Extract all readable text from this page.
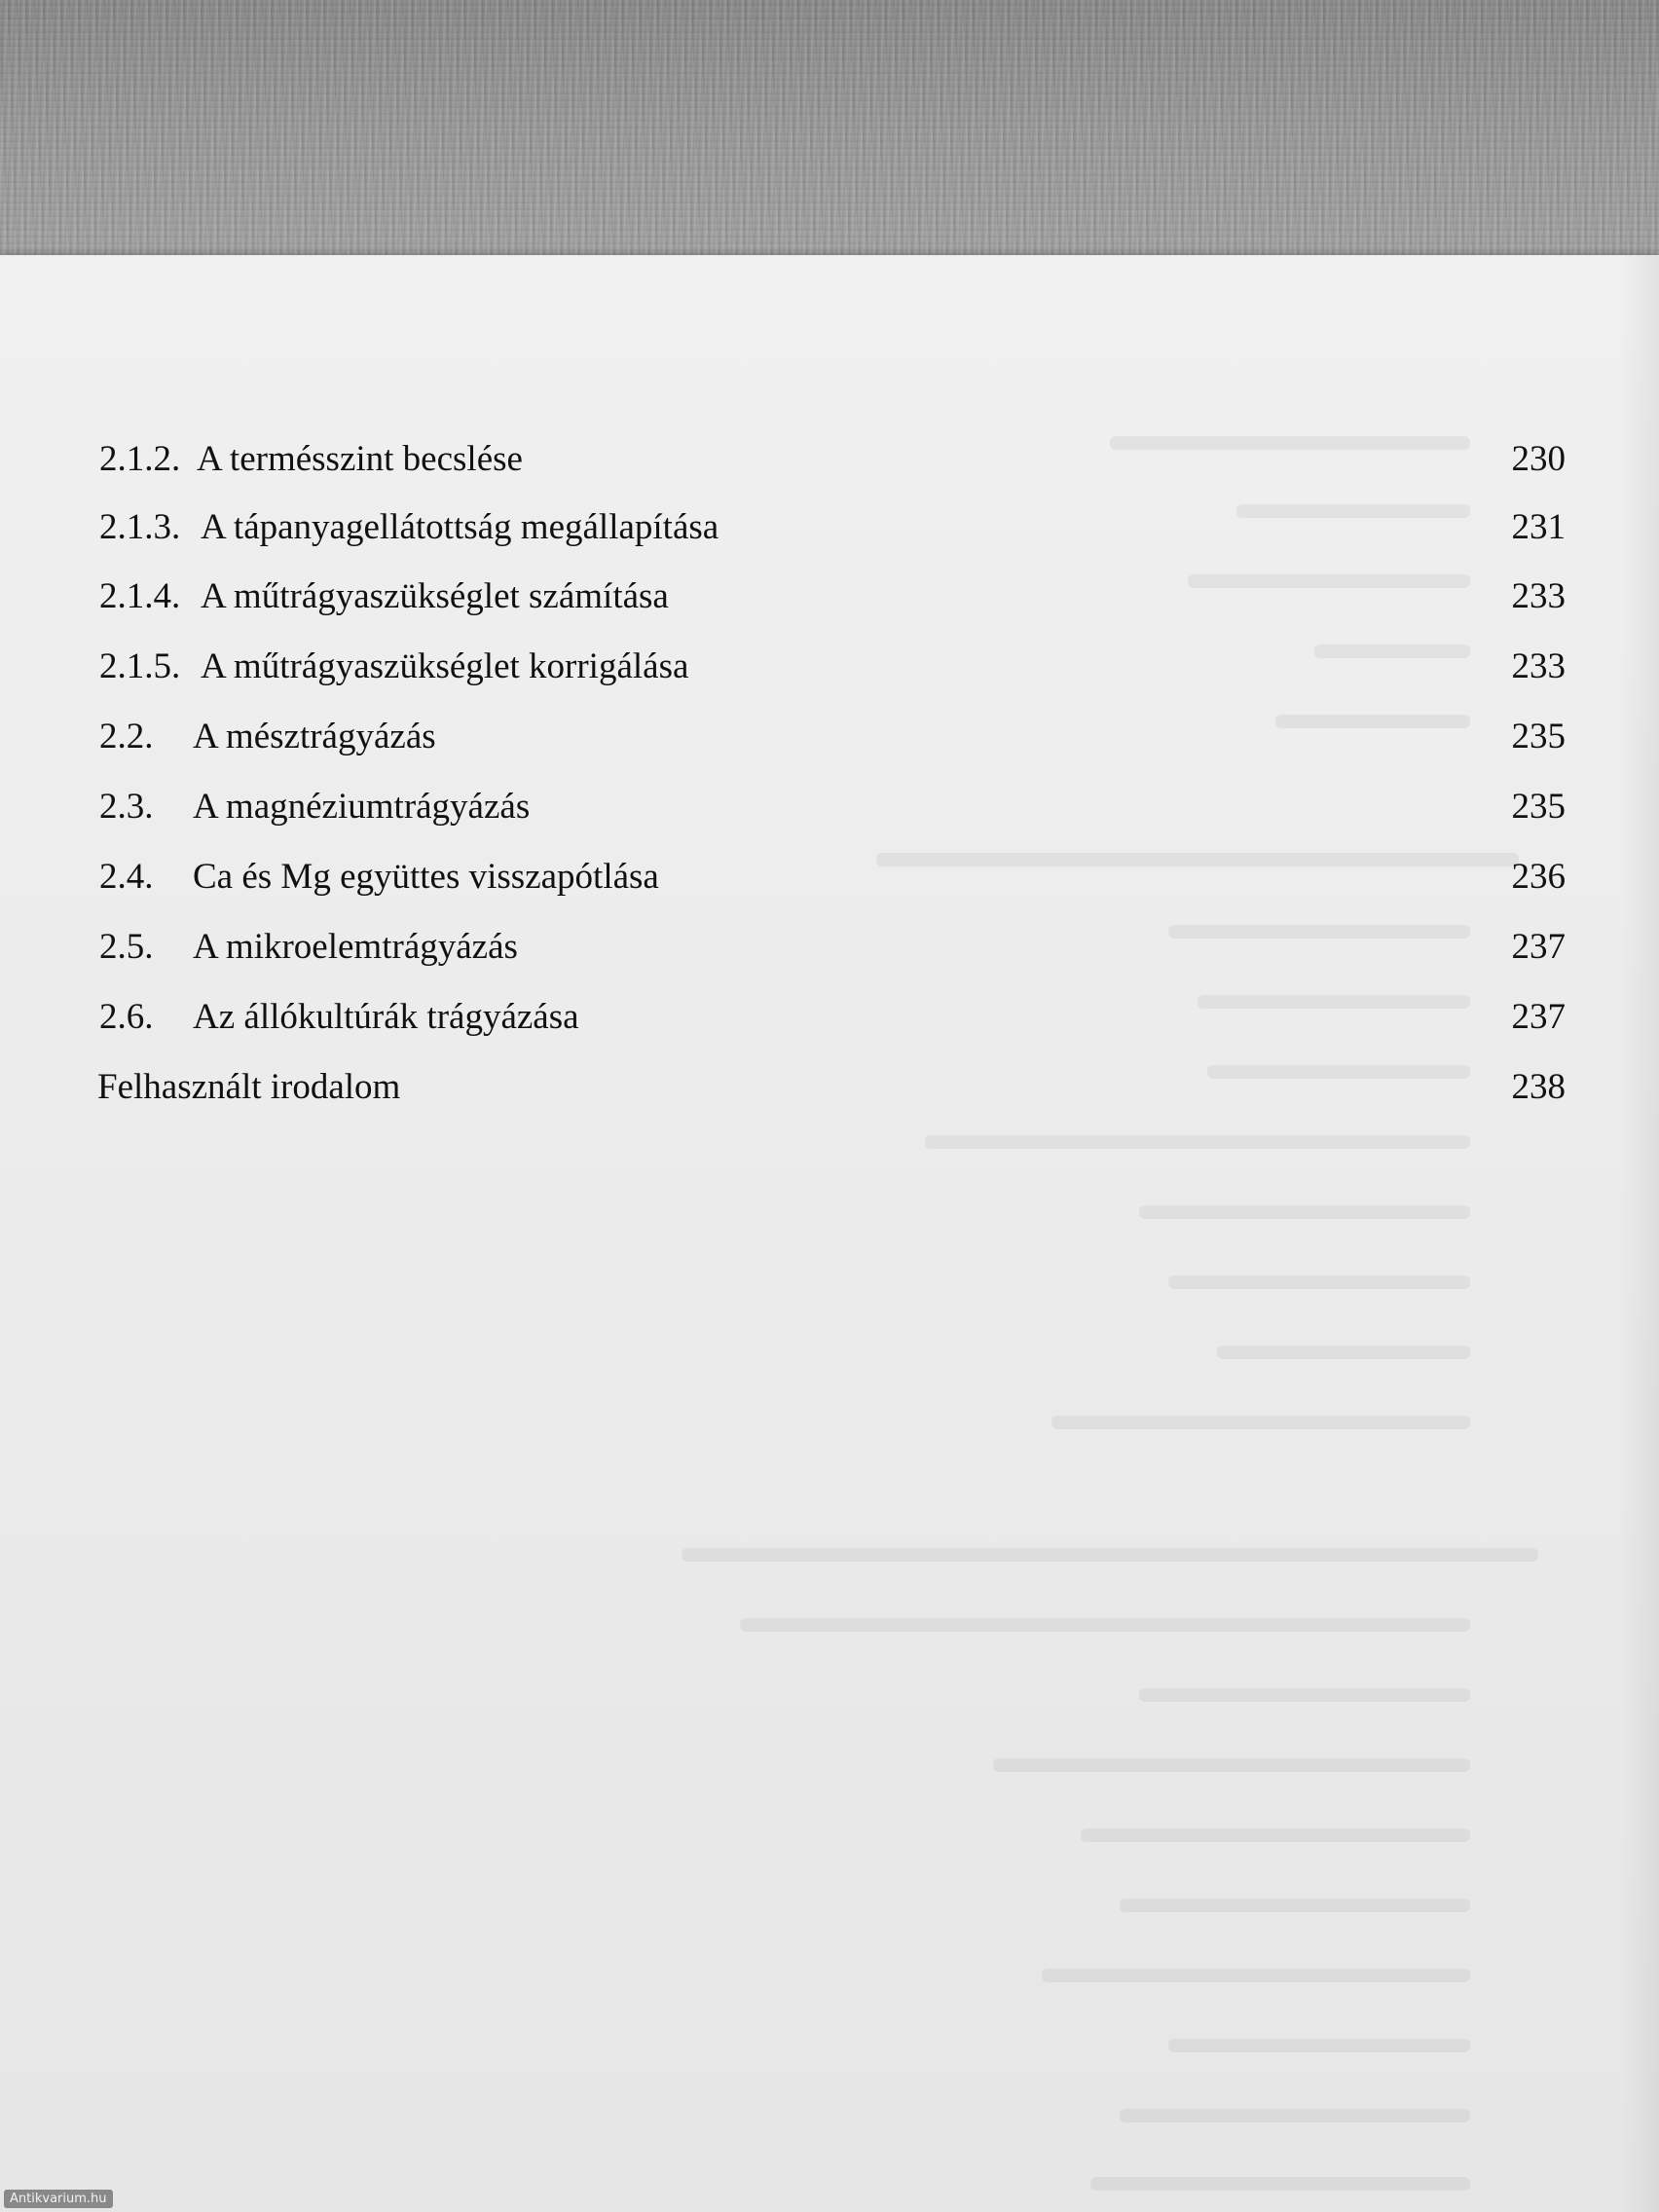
2.1.2. A termésszint becslése	230
2.1.3. A tápanyagellátottság megállapítása	231
2.1.4. A műtrágyaszükséglet számítása	233
2.1.5. A műtrágyaszükséglet korrigálása	233
2.2. A mésztrágyázás	235
2.3. A magnéziumtrágyázás	235
2.4. Ca és Mg együttes visszapótlása	236
2.5. A mikroelemtrágyázás	237
2.6. Az állókultúrák trágyázása	237
Felhasznált irodalom	238
Antikvarium.hu
